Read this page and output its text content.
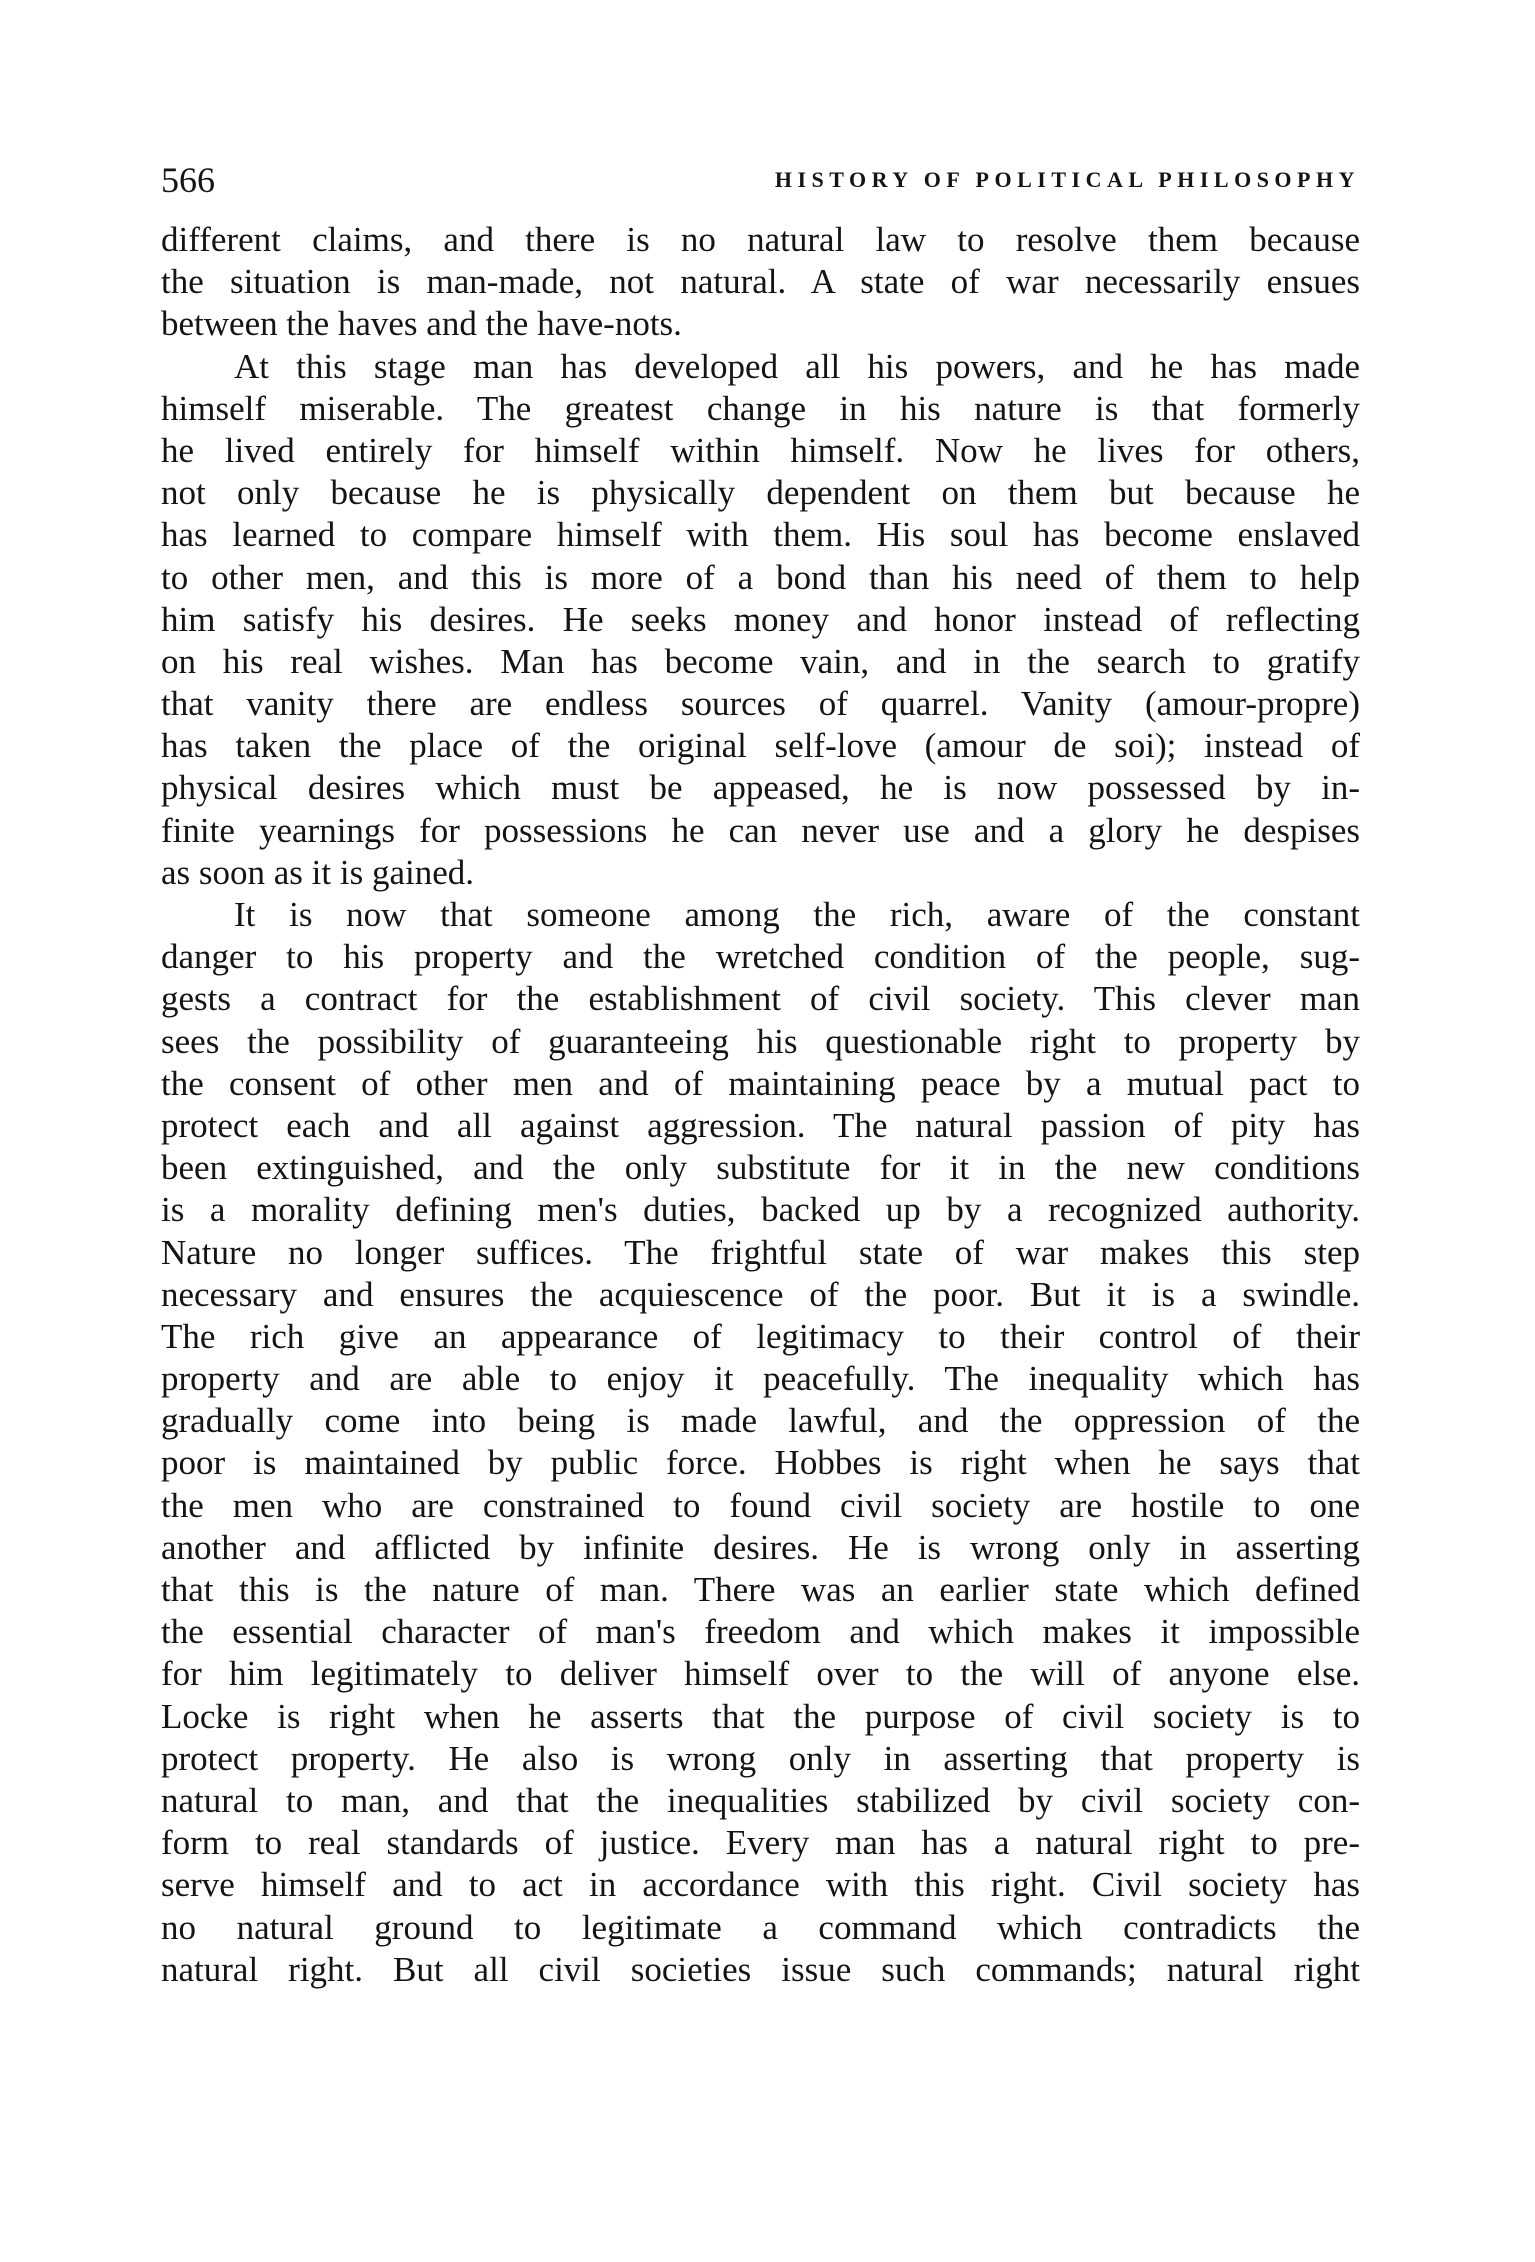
566	HISTORY OF POLITICAL PHILOSOPHY
different claims, and there is no natural law to resolve them because
the situation is man-made, not natural. A state of war necessarily ensues
between the haves and the have-nots.
At this stage man has developed all his powers, and he has made
himself miserable. The greatest change in his nature is that formerly
he lived entirely for himself within himself. Now he lives for others,
not only because he is physically dependent on them but because he
has learned to compare himself with them. His soul has become enslaved
to other men, and this is more of a bond than his need of them to help
him satisfy his desires. He seeks money and honor instead of reflecting
on his real wishes. Man has become vain, and in the search to gratify
that vanity there are endless sources of quarrel. Vanity (amour-propre)
has taken the place of the original self-love (amour de soi); instead of
physical desires which must be appeased, he is now possessed by in-
finite yearnings for possessions he can never use and a glory he despises
as soon as it is gained.
It is now that someone among the rich, aware of the constant
danger to his property and the wretched condition of the people, sug-
gests a contract for the establishment of civil society. This clever man
sees the possibility of guaranteeing his questionable right to property by
the consent of other men and of maintaining peace by a mutual pact to
protect each and all against aggression. The natural passion of pity has
been extinguished, and the only substitute for it in the new conditions
is a morality defining men's duties, backed up by a recognized authority.
Nature no longer suffices. The frightful state of war makes this step
necessary and ensures the acquiescence of the poor. But it is a swindle.
The rich give an appearance of legitimacy to their control of their
property and are able to enjoy it peacefully. The inequality which has
gradually come into being is made lawful, and the oppression of the
poor is maintained by public force. Hobbes is right when he says that
the men who are constrained to found civil society are hostile to one
another and afflicted by infinite desires. He is wrong only in asserting
that this is the nature of man. There was an earlier state which defined
the essential character of man's freedom and which makes it impossible
for him legitimately to deliver himself over to the will of anyone else.
Locke is right when he asserts that the purpose of civil society is to
protect property. He also is wrong only in asserting that property is
natural to man, and that the inequalities stabilized by civil society con-
form to real standards of justice. Every man has a natural right to pre-
serve himself and to act in accordance with this right. Civil society has
no natural ground to legitimate a command which contradicts the
natural right. But all civil societies issue such commands; natural right
